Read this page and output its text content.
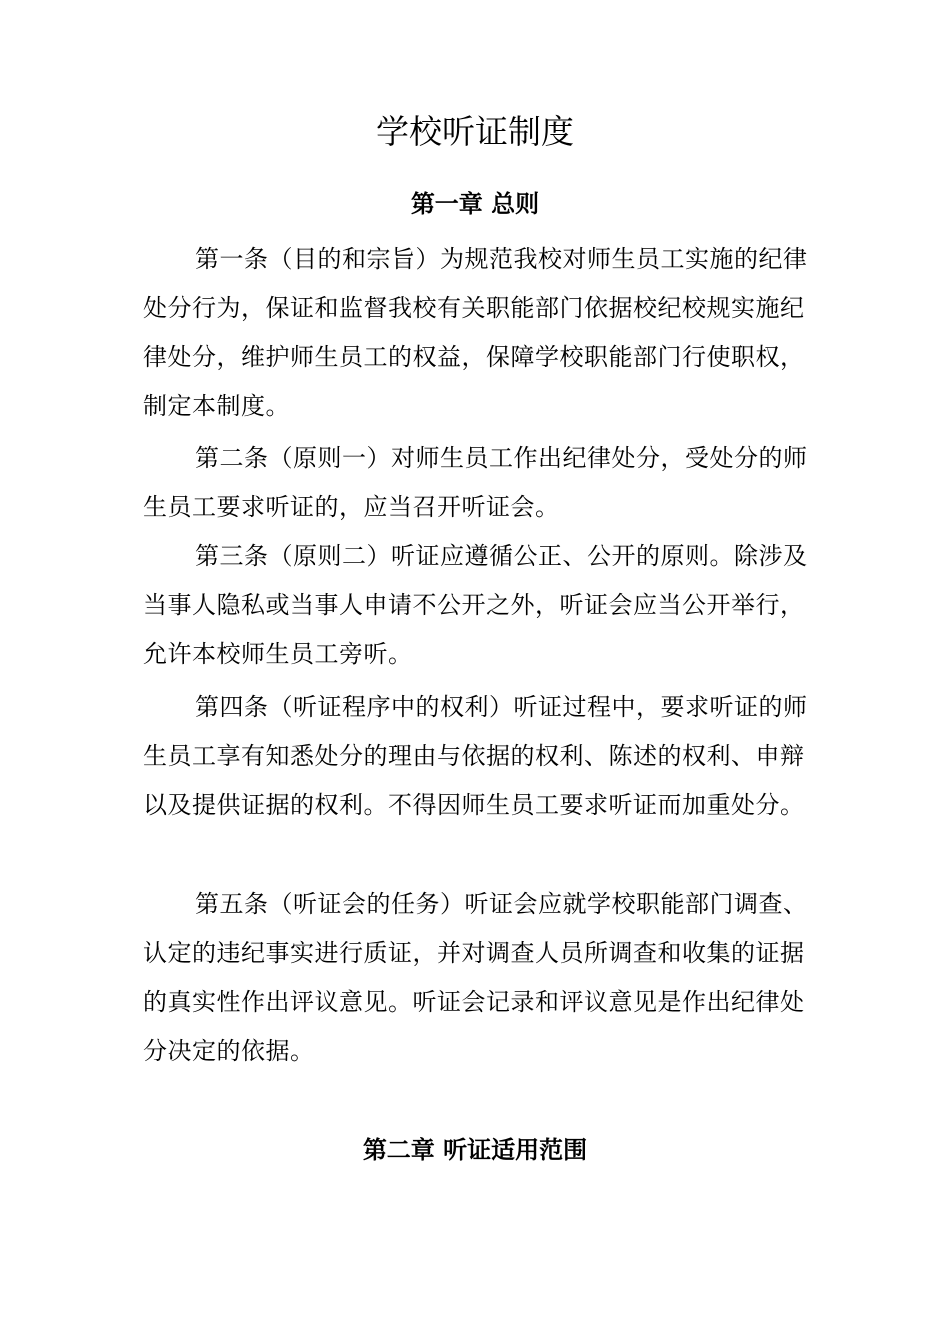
学校听证制度
第一章 总则

第一条（目的和宗旨）为规范我校对师生员工实施的纪律处分行为，保证和监督我校有关职能部门依据校纪校规实施纪律处分，维护师生员工的权益，保障学校职能部门行使职权，制定本制度。

第二条（原则一）对师生员工作出纪律处分，受处分的师生员工要求听证的，应当召开听证会。

第三条（原则二）听证应遵循公正、公开的原则。除涉及当事人隐私或当事人申请不公开之外，听证会应当公开举行，允许本校师生员工旁听。

第四条（听证程序中的权利）听证过程中，要求听证的师生员工享有知悉处分的理由与依据的权利、陈述的权利、申辩以及提供证据的权利。不得因师生员工要求听证而加重处分。

第五条（听证会的任务）听证会应就学校职能部门调查、认定的违纪事实进行质证，并对调查人员所调查和收集的证据的真实性作出评议意见。听证会记录和评议意见是作出纪律处分决定的依据。

第二章 听证适用范围
